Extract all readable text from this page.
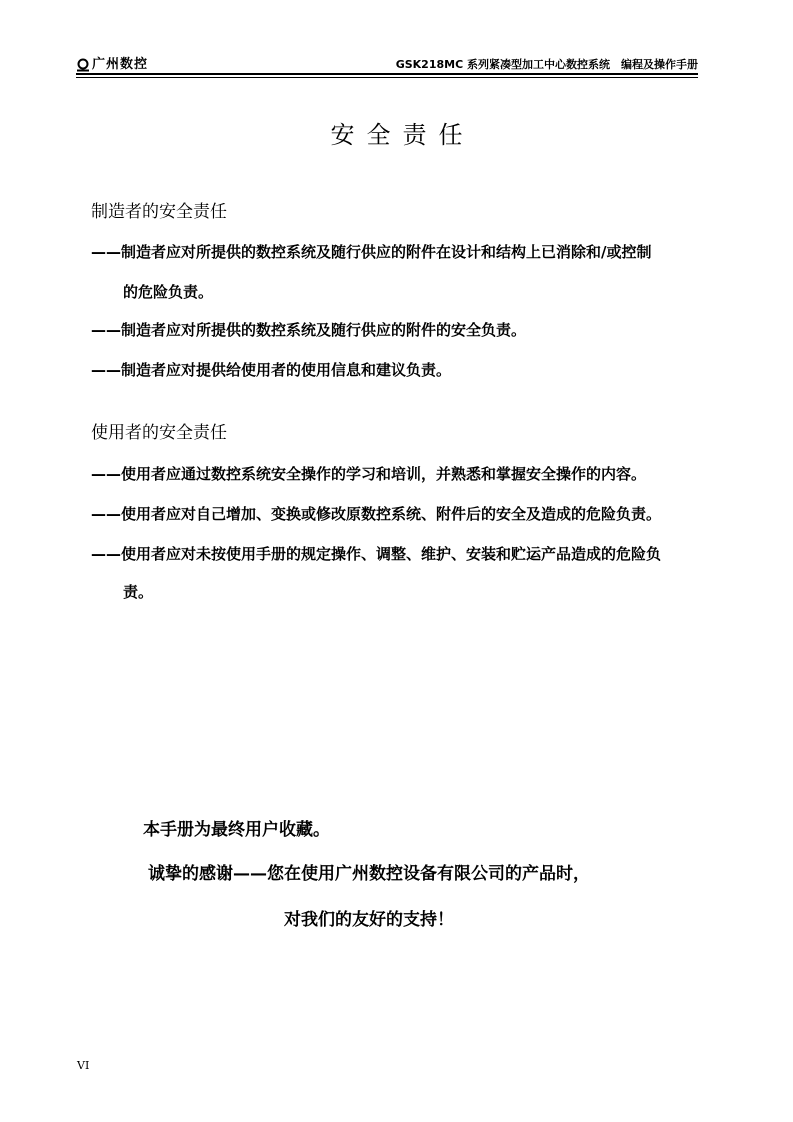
广州数控	GSK218MC 系列紧凑型加工中心数控系统　编程及操作手册
安全责任
制造者的安全责任
——制造者应对所提供的数控系统及随行供应的附件在设计和结构上已消除和/或控制
的危险负责。
——制造者应对所提供的数控系统及随行供应的附件的安全负责。
——制造者应对提供给使用者的使用信息和建议负责。
使用者的安全责任
——使用者应通过数控系统安全操作的学习和培训，并熟悉和掌握安全操作的内容。
——使用者应对自己增加、变换或修改原数控系统、附件后的安全及造成的危险负责。
——使用者应对未按使用手册的规定操作、调整、维护、安装和贮运产品造成的危险负
责。
本手册为最终用户收藏。
诚挚的感谢——您在使用广州数控设备有限公司的产品时，
对我们的友好的支持！
VI
